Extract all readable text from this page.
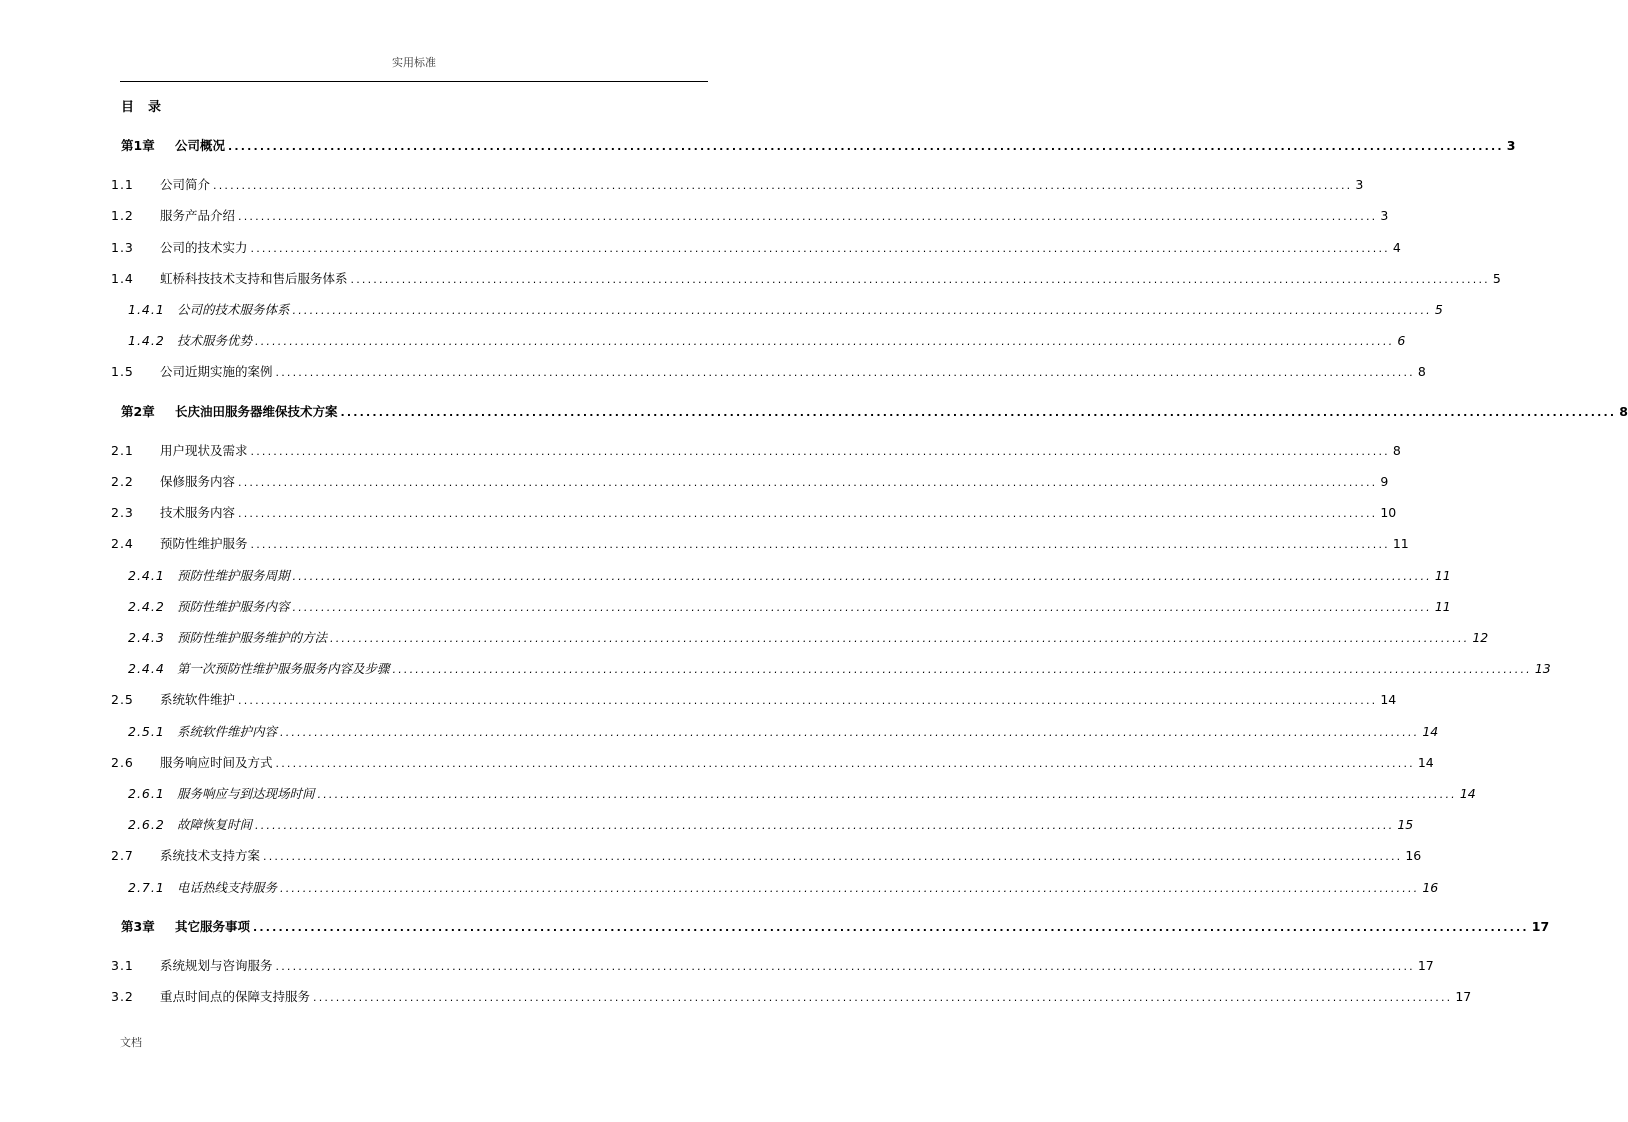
实用标准
目录
第1章	公司概况 ........................................................................................................................................................................................................ 3
1.1	公司简介 ........................................................................................................................................................................................................ 3
1.2	服务产品介绍 ........................................................................................................................................................................................................ 3
1.3	公司的技术实力 ........................................................................................................................................................................................................ 4
1.4	虹桥科技技术支持和售后服务体系 ........................................................................................................................................................................................................ 5
1.4.1 公司的技术服务体系 ........................................................................................................................................................................................................ 5
1.4.2 技术服务优势 ........................................................................................................................................................................................................ 6
1.5	公司近期实施的案例 ........................................................................................................................................................................................................ 8
第2章	长庆油田服务器维保技术方案 ........................................................................................................................................................................................................ 8
2.1	用户现状及需求 ........................................................................................................................................................................................................ 8
2.2	保修服务内容 ........................................................................................................................................................................................................ 9
2.3	技术服务内容 ........................................................................................................................................................................................................ 10
2.4	预防性维护服务 ........................................................................................................................................................................................................ 11
2.4.1 预防性维护服务周期 ........................................................................................................................................................................................................ 11
2.4.2 预防性维护服务内容 ........................................................................................................................................................................................................ 11
2.4.3 预防性维护服务维护的方法 ........................................................................................................................................................................................................ 12
2.4.4 第一次预防性维护服务服务内容及步骤 ........................................................................................................................................................................................................ 13
2.5	系统软件维护 ........................................................................................................................................................................................................ 14
2.5.1 系统软件维护内容 ........................................................................................................................................................................................................ 14
2.6	服务响应时间及方式 ........................................................................................................................................................................................................ 14
2.6.1 服务响应与到达现场时间 ........................................................................................................................................................................................................ 14
2.6.2 故障恢复时间 ........................................................................................................................................................................................................ 15
2.7	系统技术支持方案 ........................................................................................................................................................................................................ 16
2.7.1 电话热线支持服务 ........................................................................................................................................................................................................ 16
第3章	其它服务事项 ........................................................................................................................................................................................................ 17
3.1	系统规划与咨询服务 ........................................................................................................................................................................................................ 17
3.2	重点时间点的保障支持服务 ........................................................................................................................................................................................................ 17
文档
